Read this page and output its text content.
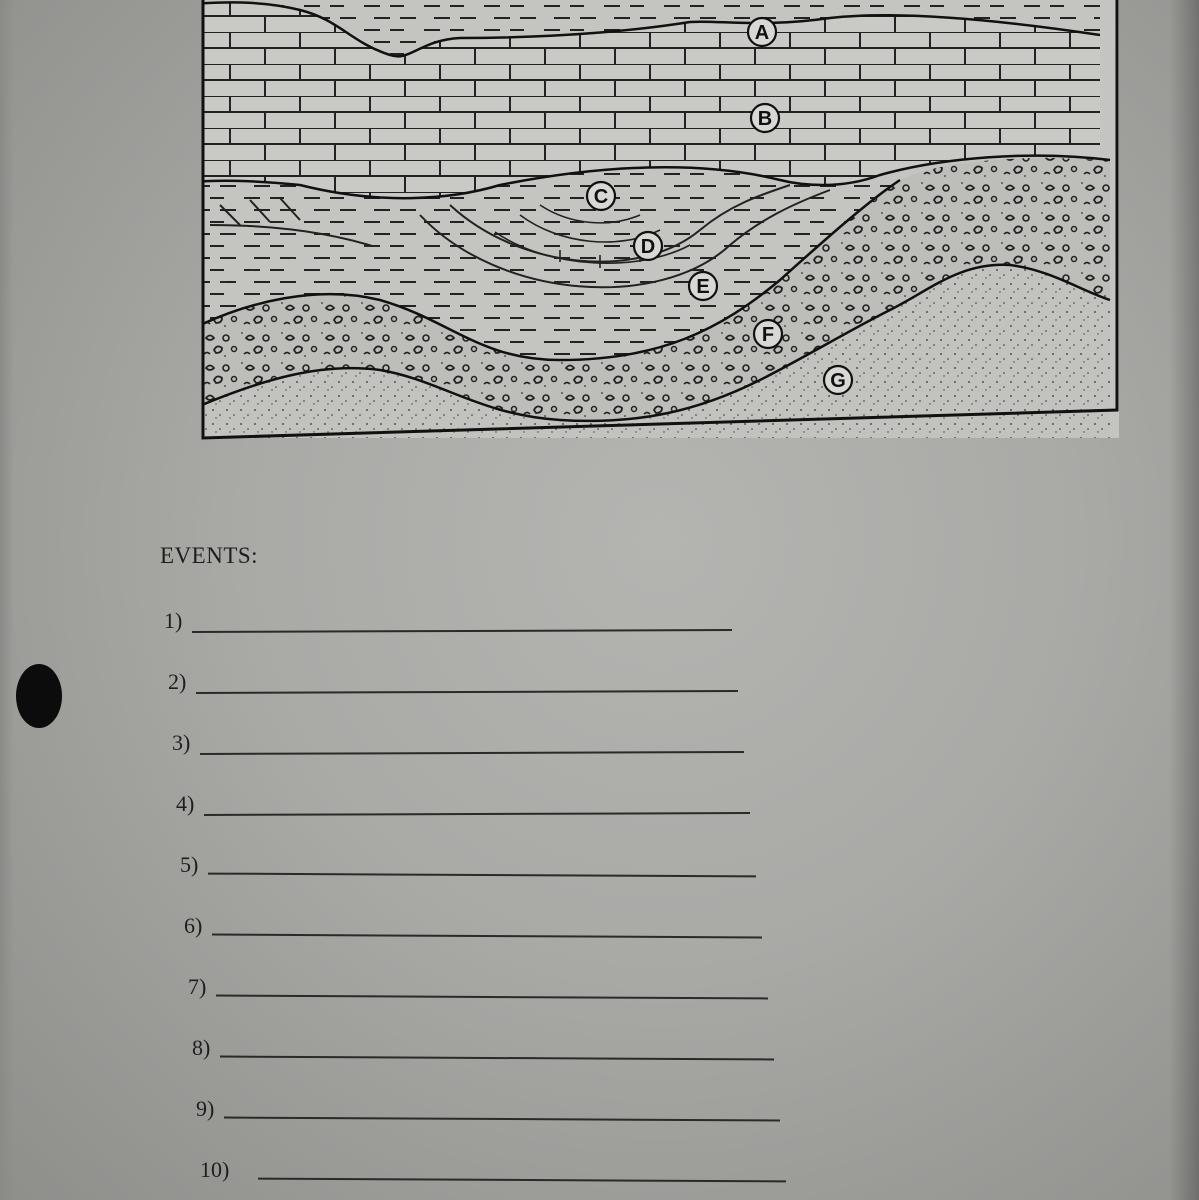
A
B
C
D
E
F
G
EVENTS:
1)
2)
3)
4)
5)
6)
7)
8)
9)
10)
